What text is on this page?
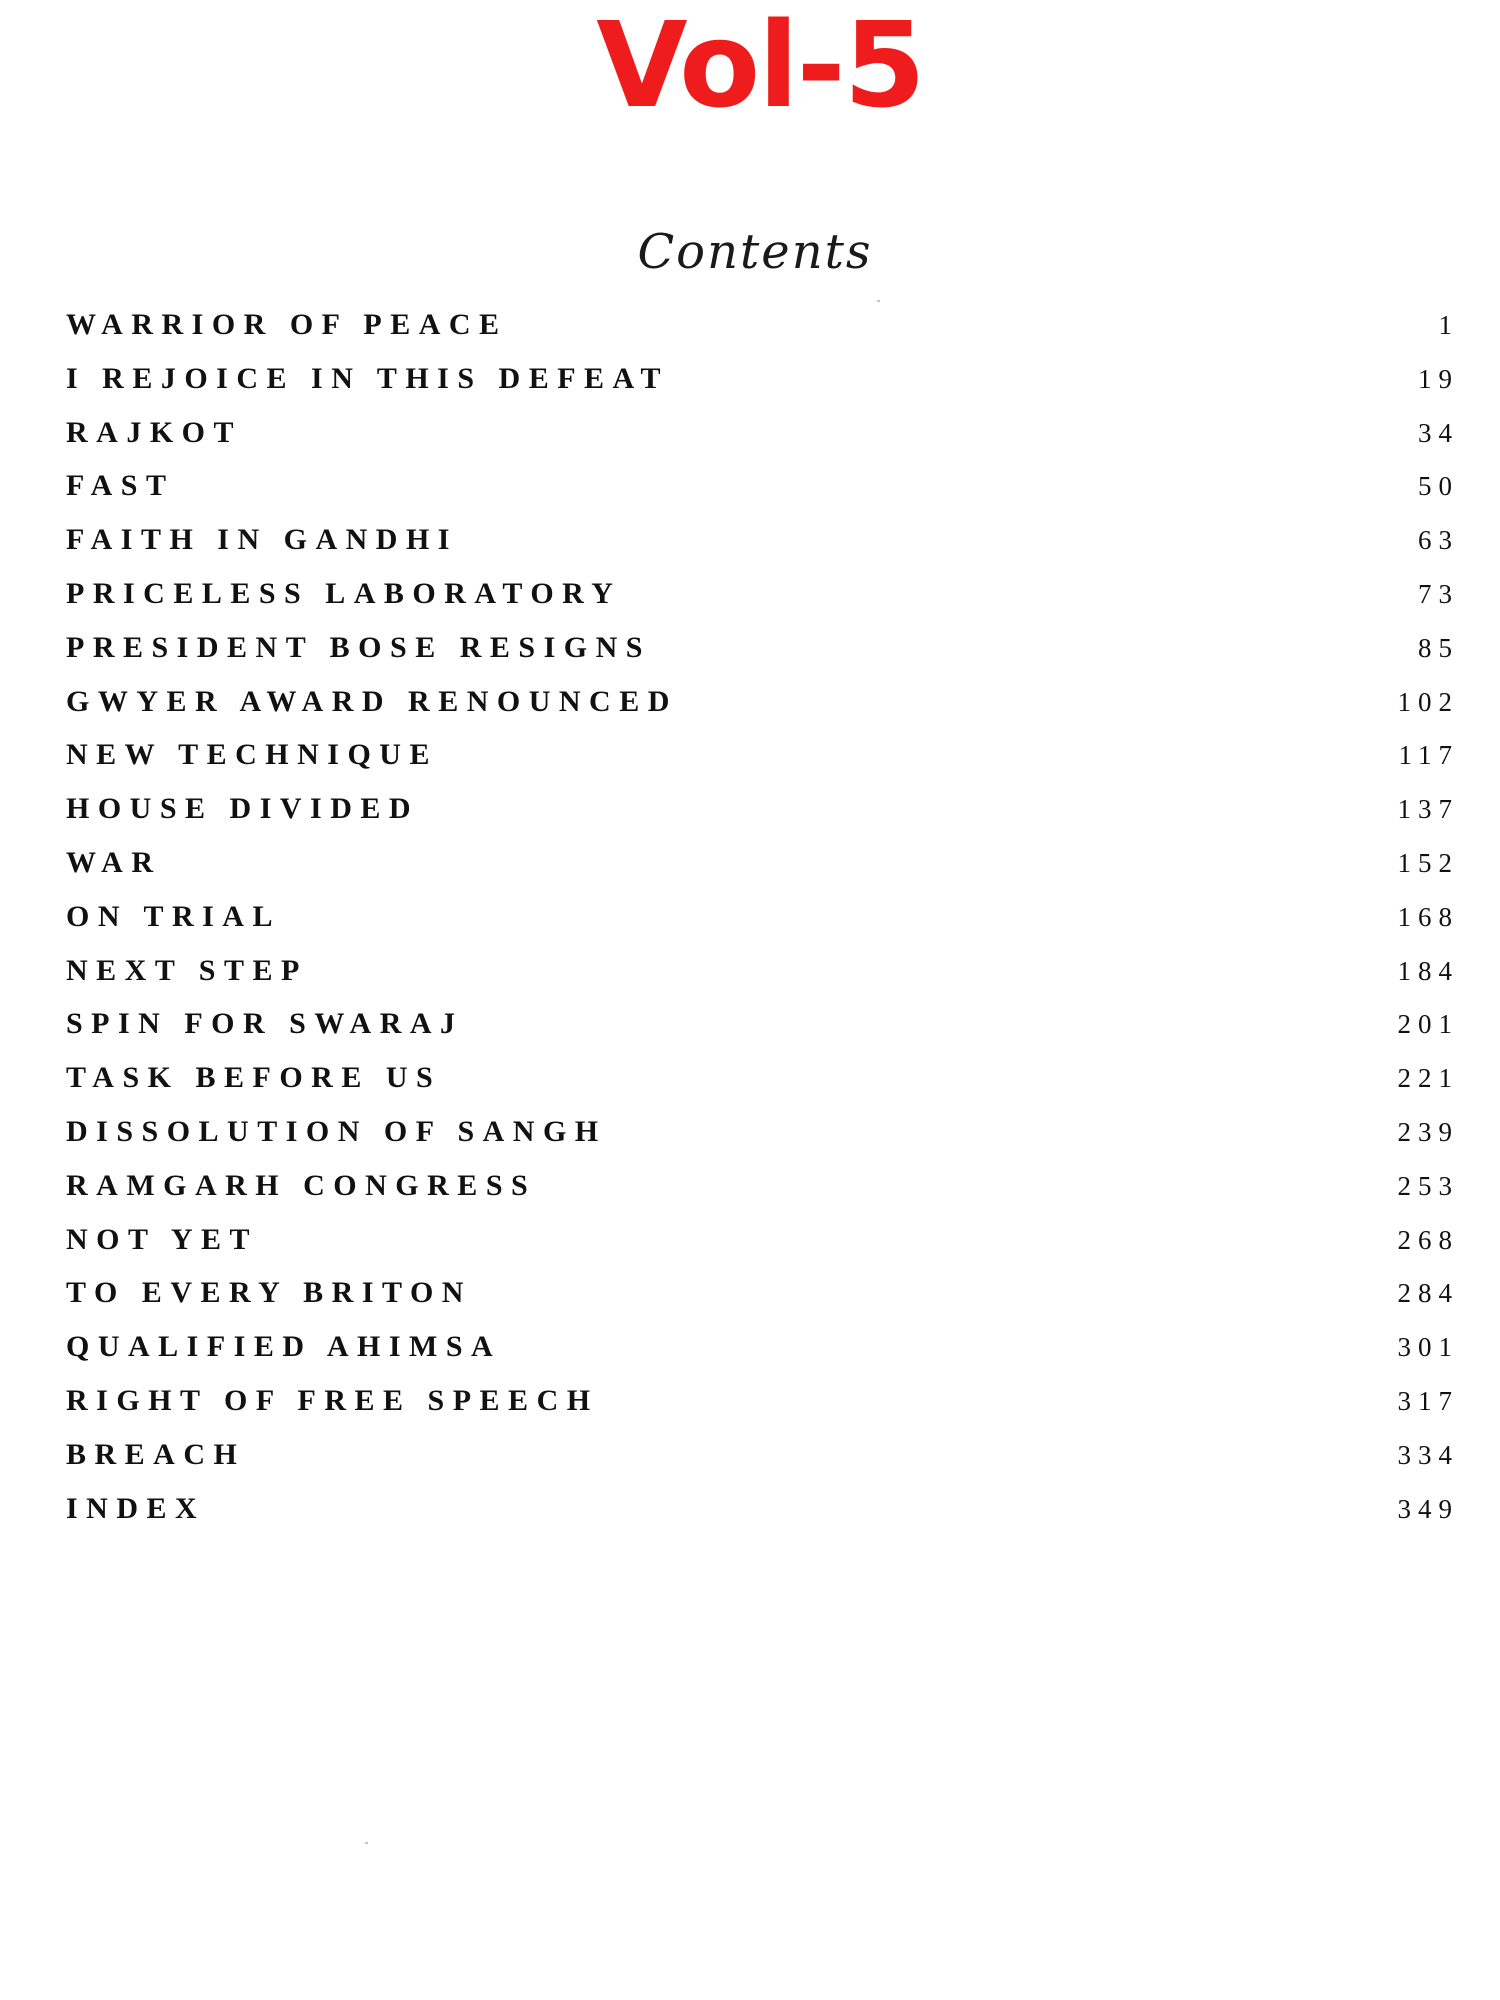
Vol-5
Contents
WARRIOR OF PEACE	1
I REJOICE IN THIS DEFEAT	19
RAJKOT	34
FAST	50
FAITH IN GANDHI	63
PRICELESS LABORATORY	73
PRESIDENT BOSE RESIGNS	85
GWYER AWARD RENOUNCED	102
NEW TECHNIQUE	117
HOUSE DIVIDED	137
WAR	152
ON TRIAL	168
NEXT STEP	184
SPIN FOR SWARAJ	201
TASK BEFORE US	221
DISSOLUTION OF SANGH	239
RAMGARH CONGRESS	253
NOT YET	268
TO EVERY BRITON	284
QUALIFIED AHIMSA	301
RIGHT OF FREE SPEECH	317
BREACH	334
INDEX	349
